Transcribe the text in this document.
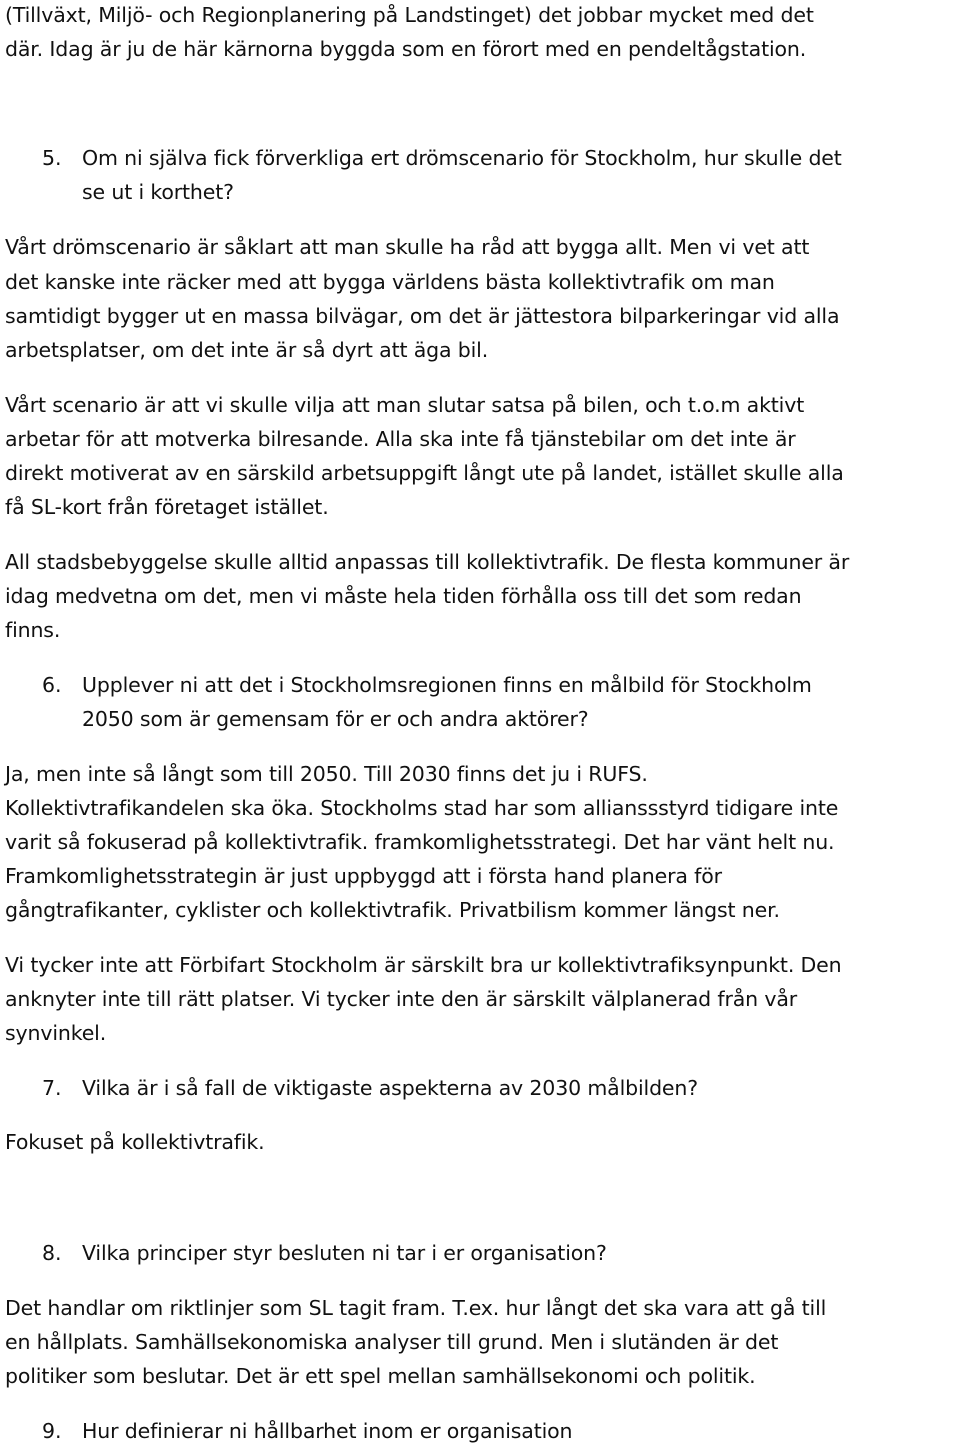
(Tillväxt, Miljö- och Regionplanering på Landstinget) det jobbar mycket med det
där. Idag är ju de här kärnorna byggda som en förort med en pendeltågstation.
5. Om ni själva fick förverkliga ert drömscenario för Stockholm, hur skulle det
se ut i korthet?
Vårt drömscenario är såklart att man skulle ha råd att bygga allt. Men vi vet att
det kanske inte räcker med att bygga världens bästa kollektivtrafik om man
samtidigt bygger ut en massa bilvägar, om det är jättestora bilparkeringar vid alla
arbetsplatser, om det inte är så dyrt att äga bil.
Vårt scenario är att vi skulle vilja att man slutar satsa på bilen, och t.o.m aktivt
arbetar för att motverka bilresande. Alla ska inte få tjänstebilar om det inte är
direkt motiverat av en särskild arbetsuppgift långt ute på landet, istället skulle alla
få SL-kort från företaget istället.
All stadsbebyggelse skulle alltid anpassas till kollektivtrafik. De flesta kommuner är
idag medvetna om det, men vi måste hela tiden förhålla oss till det som redan
finns.
6. Upplever ni att det i Stockholmsregionen finns en målbild för Stockholm
2050 som är gemensam för er och andra aktörer?
Ja, men inte så långt som till 2050. Till 2030 finns det ju i RUFS.
Kollektivtrafikandelen ska öka. Stockholms stad har som allianssstyrd tidigare inte
varit så fokuserad på kollektivtrafik. framkomlighetsstrategi. Det har vänt helt nu.
Framkomlighetsstrategin är just uppbyggd att i första hand planera för
gångtrafikanter, cyklister och kollektivtrafik. Privatbilism kommer längst ner.
Vi tycker inte att Förbifart Stockholm är särskilt bra ur kollektivtrafiksynpunkt. Den
anknyter inte till rätt platser. Vi tycker inte den är särskilt välplanerad från vår
synvinkel.
7. Vilka är i så fall de viktigaste aspekterna av 2030 målbilden?
Fokuset på kollektivtrafik.
8. Vilka principer styr besluten ni tar i er organisation?
Det handlar om riktlinjer som SL tagit fram. T.ex. hur långt det ska vara att gå till
en hållplats. Samhällsekonomiska analyser till grund. Men i slutänden är det
politiker som beslutar. Det är ett spel mellan samhällsekonomi och politik.
9. Hur definierar ni hållbarhet inom er organisation
